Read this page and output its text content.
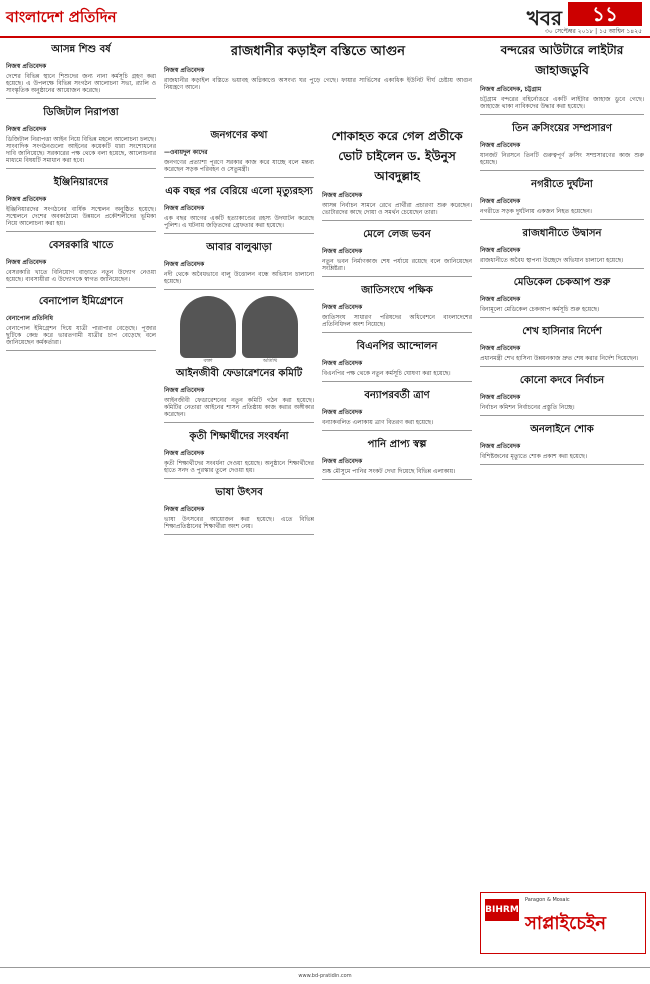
বাংলাদেশ প্রতিদিন	খবর	১১
৩০ সেপ্টেম্বর ২০১৮ | ১৫ আশ্বিন ১৪২৫
আসন্ন শিশু বর্ষ
নিজস্ব প্রতিবেদক
দেশের বিভিন্ন স্থানে শিশুদের জন্য নানা কর্মসূচি গ্রহণ করা হয়েছে। এ উপলক্ষে বিভিন্ন সংগঠন আলোচনা সভা, র‌্যালি ও সাংস্কৃতিক অনুষ্ঠানের আয়োজন করেছে।
ডিজিটাল নিরাপত্তা
নিজস্ব প্রতিবেদক
ডিজিটাল নিরাপত্তা আইন নিয়ে বিভিন্ন মহলে আলোচনা চলছে। সাংবাদিক সংগঠনগুলো আইনের কয়েকটি ধারা সংশোধনের দাবি জানিয়েছে। সরকারের পক্ষ থেকে বলা হয়েছে, আলোচনার মাধ্যমে বিষয়টি সমাধান করা হবে।
ইঞ্জিনিয়ারদের
নিজস্ব প্রতিবেদক
ইঞ্জিনিয়ারদের সংগঠনের বার্ষিক সম্মেলন অনুষ্ঠিত হয়েছে। সম্মেলনে দেশের অবকাঠামো উন্নয়নে প্রকৌশলীদের ভূমিকা নিয়ে আলোচনা করা হয়।
বেসরকারি খাতে
নিজস্ব প্রতিবেদক
বেসরকারি খাতে বিনিয়োগ বাড়াতে নতুন উদ্যোগ নেওয়া হয়েছে। ব্যবসায়ীরা এ উদ্যোগকে স্বাগত জানিয়েছেন।
বেনাপোল ইমিগ্রেশনে
বেনাপোল প্রতিনিধি
বেনাপোল ইমিগ্রেশন দিয়ে যাত্রী পারাপার বেড়েছে। পূজার ছুটিকে কেন্দ্র করে ভারতগামী যাত্রীর চাপ বেড়েছে বলে জানিয়েছেন কর্মকর্তারা।
জনগণের কথা
—ওবায়দুল কাদের
জনগণের প্রত্যাশা পূরণে সরকার কাজ করে যাচ্ছে বলে মন্তব্য করেছেন সড়ক পরিবহন ও সেতুমন্ত্রী।
এক বছর পর বেরিয়ে এলো মৃত্যুরহস্য
নিজস্ব প্রতিবেদক
এক বছর আগের একটি হত্যাকাণ্ডের রহস্য উদঘাটন করেছে পুলিশ। এ ঘটনায় জড়িতদের গ্রেফতার করা হয়েছে।
আবার বালুঝাড়া
নিজস্ব প্রতিবেদক
নদী থেকে অবৈধভাবে বালু উত্তোলন বন্ধে অভিযান চালানো হয়েছে।
বক্তা	অতিথি
আইনজীবী ফেডারেশনের কমিটি
নিজস্ব প্রতিবেদক
আইনজীবী ফেডারেশনের নতুন কমিটি গঠন করা হয়েছে। কমিটির নেতারা আইনের শাসন প্রতিষ্ঠায় কাজ করার অঙ্গীকার করেছেন।
কৃতী শিক্ষার্থীদের সংবর্ধনা
নিজস্ব প্রতিবেদক
কৃতী শিক্ষার্থীদের সংবর্ধনা দেওয়া হয়েছে। অনুষ্ঠানে শিক্ষার্থীদের হাতে সনদ ও পুরস্কার তুলে দেওয়া হয়।
ভাষা উৎসব
নিজস্ব প্রতিবেদক
ভাষা উৎসবের আয়োজন করা হয়েছে। এতে বিভিন্ন শিক্ষাপ্রতিষ্ঠানের শিক্ষার্থীরা অংশ নেয়।
রাজধানীর কড়াইল বস্তিতে আগুন
নিজস্ব প্রতিবেদক
রাজধানীর কড়াইল বস্তিতে ভয়াবহ অগ্নিকাণ্ডে অসংখ্য ঘর পুড়ে গেছে। ফায়ার সার্ভিসের একাধিক ইউনিট দীর্ঘ চেষ্টায় আগুন নিয়ন্ত্রণে আনে।
শোকাহত করে গেল প্রতীকে ভোট চাইলেন ড. ইউনুস আবদুল্লাহ
নিজস্ব প্রতিবেদক
আসন্ন নির্বাচন সামনে রেখে প্রার্থীরা প্রচারণা শুরু করেছেন। ভোটারদের কাছে দোয়া ও সমর্থন চেয়েছেন তারা।
মেলে লেজ ভবন
নিজস্ব প্রতিবেদক
নতুন ভবন নির্মাণকাজ শেষ পর্যায়ে রয়েছে বলে জানিয়েছেন সংশ্লিষ্টরা।
জাতিসংঘে পক্ষিক
নিজস্ব প্রতিবেদক
জাতিসংঘ সাধারণ পরিষদের অধিবেশনে বাংলাদেশের প্রতিনিধিদল অংশ নিয়েছে।
বিএনপির আন্দোলন
নিজস্ব প্রতিবেদক
বিএনপির পক্ষ থেকে নতুন কর্মসূচি ঘোষণা করা হয়েছে।
বন্যাপরবর্তী ত্রাণ
নিজস্ব প্রতিবেদক
বন্যাকবলিত এলাকায় ত্রাণ বিতরণ করা হয়েছে।
পানি প্রাপ্য স্বল্প
নিজস্ব প্রতিবেদক
শুষ্ক মৌসুমে পানির সংকট দেখা দিয়েছে বিভিন্ন এলাকায়।
বন্দরের আউটারে লাইটার জাহাজডুবি
নিজস্ব প্রতিবেদক, চট্টগ্রাম
চট্টগ্রাম বন্দরের বহির্নোঙরে একটি লাইটার জাহাজ ডুবে গেছে। জাহাজে থাকা নাবিকদের উদ্ধার করা হয়েছে।
তিন ক্রসিংয়ের সম্প্রসারণ
নিজস্ব প্রতিবেদক
যানজট নিরসনে তিনটি গুরুত্বপূর্ণ ক্রসিং সম্প্রসারণের কাজ শুরু হয়েছে।
নগরীতে দুর্ঘটনা
নিজস্ব প্রতিবেদক
নগরীতে সড়ক দুর্ঘটনায় একজন নিহত হয়েছেন।
রাজধানীতে উদ্বাসন
নিজস্ব প্রতিবেদক
রাজধানীতে অবৈধ স্থাপনা উচ্ছেদে অভিযান চালানো হয়েছে।
মেডিকেল চেকআপ শুরু
নিজস্ব প্রতিবেদক
বিনামূল্যে মেডিকেল চেকআপ কর্মসূচি শুরু হয়েছে।
শেখ হাসিনার নির্দেশ
নিজস্ব প্রতিবেদক
প্রধানমন্ত্রী শেখ হাসিনা উন্নয়নকাজ দ্রুত শেষ করার নির্দেশ দিয়েছেন।
কোনো কদবে নির্বাচন
নিজস্ব প্রতিবেদক
নির্বাচন কমিশন নির্বাচনের প্রস্তুতি নিচ্ছে।
অনলাইনে শোক
নিজস্ব প্রতিবেদক
বিশিষ্টজনের মৃত্যুতে শোক প্রকাশ করা হয়েছে।
BIHRM
Paragon & Mosaic
সাপ্লাইচেইন
www.bd-pratidin.com
